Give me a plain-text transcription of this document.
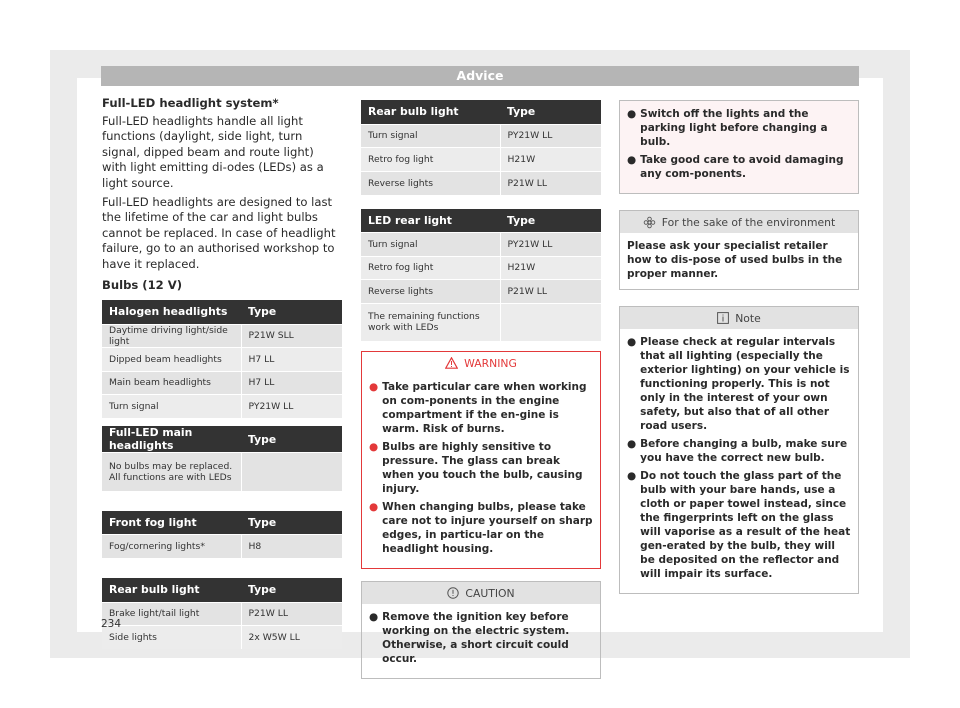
Advice
Full-LED headlight system*
Full-LED headlights handle all light functions (daylight, side light, turn signal, dipped beam and route light) with light emitting di-odes (LEDs) as a light source.
Full-LED headlights are designed to last the lifetime of the car and light bulbs cannot be replaced. In case of headlight failure, go to an authorised workshop to have it replaced.
Bulbs (12 V)
Halogen headlights	Type
Daytime driving light/side light	P21W SLL
Dipped beam headlights	H7 LL
Main beam headlights	H7 LL
Turn signal	PY21W LL
Full-LED main headlights	Type
No bulbs may be replaced. All functions are with LEDs	
Front fog light	Type
Fog/cornering lights*	H8
Rear bulb light	Type
Brake light/tail light	P21W LL
Side lights	2x W5W LL
Rear bulb light	Type
Turn signal	PY21W LL
Retro fog light	H21W
Reverse lights	P21W LL
LED rear light	Type
Turn signal	PY21W LL
Retro fog light	H21W
Reverse lights	P21W LL
The remaining functions work with LEDs	
WARNING
● Take particular care when working on com-ponents in the engine compartment if the en-gine is warm. Risk of burns.
● Bulbs are highly sensitive to pressure. The glass can break when you touch the bulb, causing injury.
● When changing bulbs, please take care not to injure yourself on sharp edges, in particu-lar on the headlight housing.
CAUTION
● Remove the ignition key before working on the electric system. Otherwise, a short circuit could occur.
● Switch off the lights and the parking light before changing a bulb.
● Take good care to avoid damaging any com-ponents.
For the sake of the environment
Please ask your specialist retailer how to dis-pose of used bulbs in the proper manner.
Note
● Please check at regular intervals that all lighting (especially the exterior lighting) on your vehicle is functioning properly. This is not only in the interest of your own safety, but also that of all other road users.
● Before changing a bulb, make sure you have the correct new bulb.
● Do not touch the glass part of the bulb with your bare hands, use a cloth or paper towel instead, since the fingerprints left on the glass will vaporise as a result of the heat gen-erated by the bulb, they will be deposited on the reflector and will impair its surface.
234
